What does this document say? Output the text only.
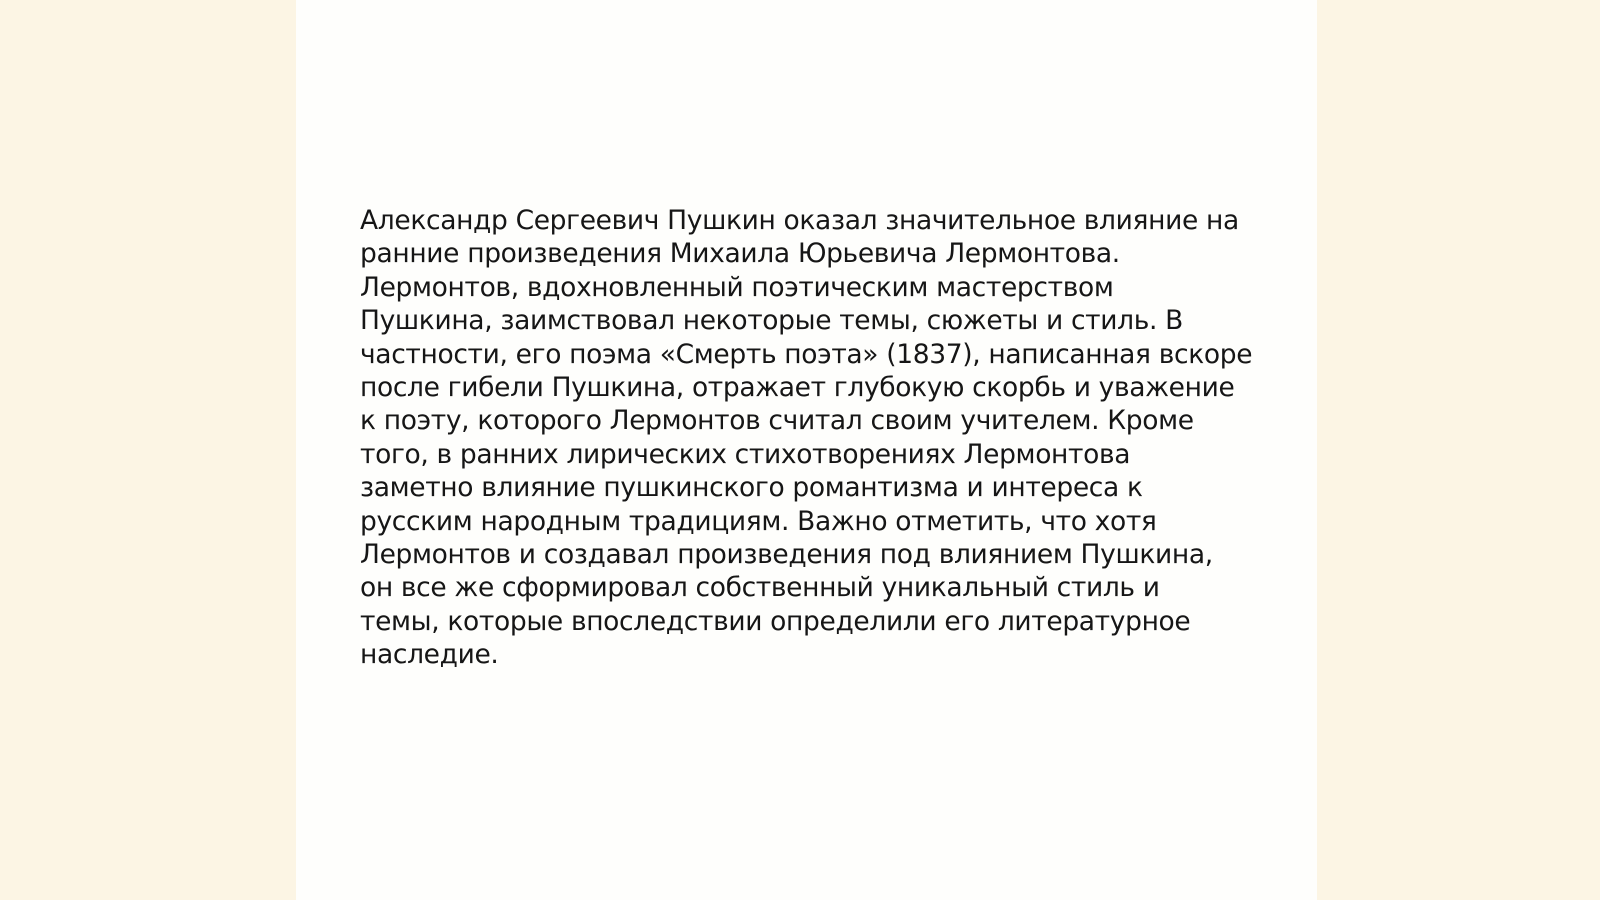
Александр Сергеевич Пушкин оказал значительное влияние на
ранние произведения Михаила Юрьевича Лермонтова.
Лермонтов, вдохновленный поэтическим мастерством
Пушкина, заимствовал некоторые темы, сюжеты и стиль. В
частности, его поэма «Смерть поэта» (1837), написанная вскоре
после гибели Пушкина, отражает глубокую скорбь и уважение
к поэту, которого Лермонтов считал своим учителем. Кроме
того, в ранних лирических стихотворениях Лермонтова
заметно влияние пушкинского романтизма и интереса к
русским народным традициям. Важно отметить, что хотя
Лермонтов и создавал произведения под влиянием Пушкина,
он все же сформировал собственный уникальный стиль и
темы, которые впоследствии определили его литературное
наследие.
